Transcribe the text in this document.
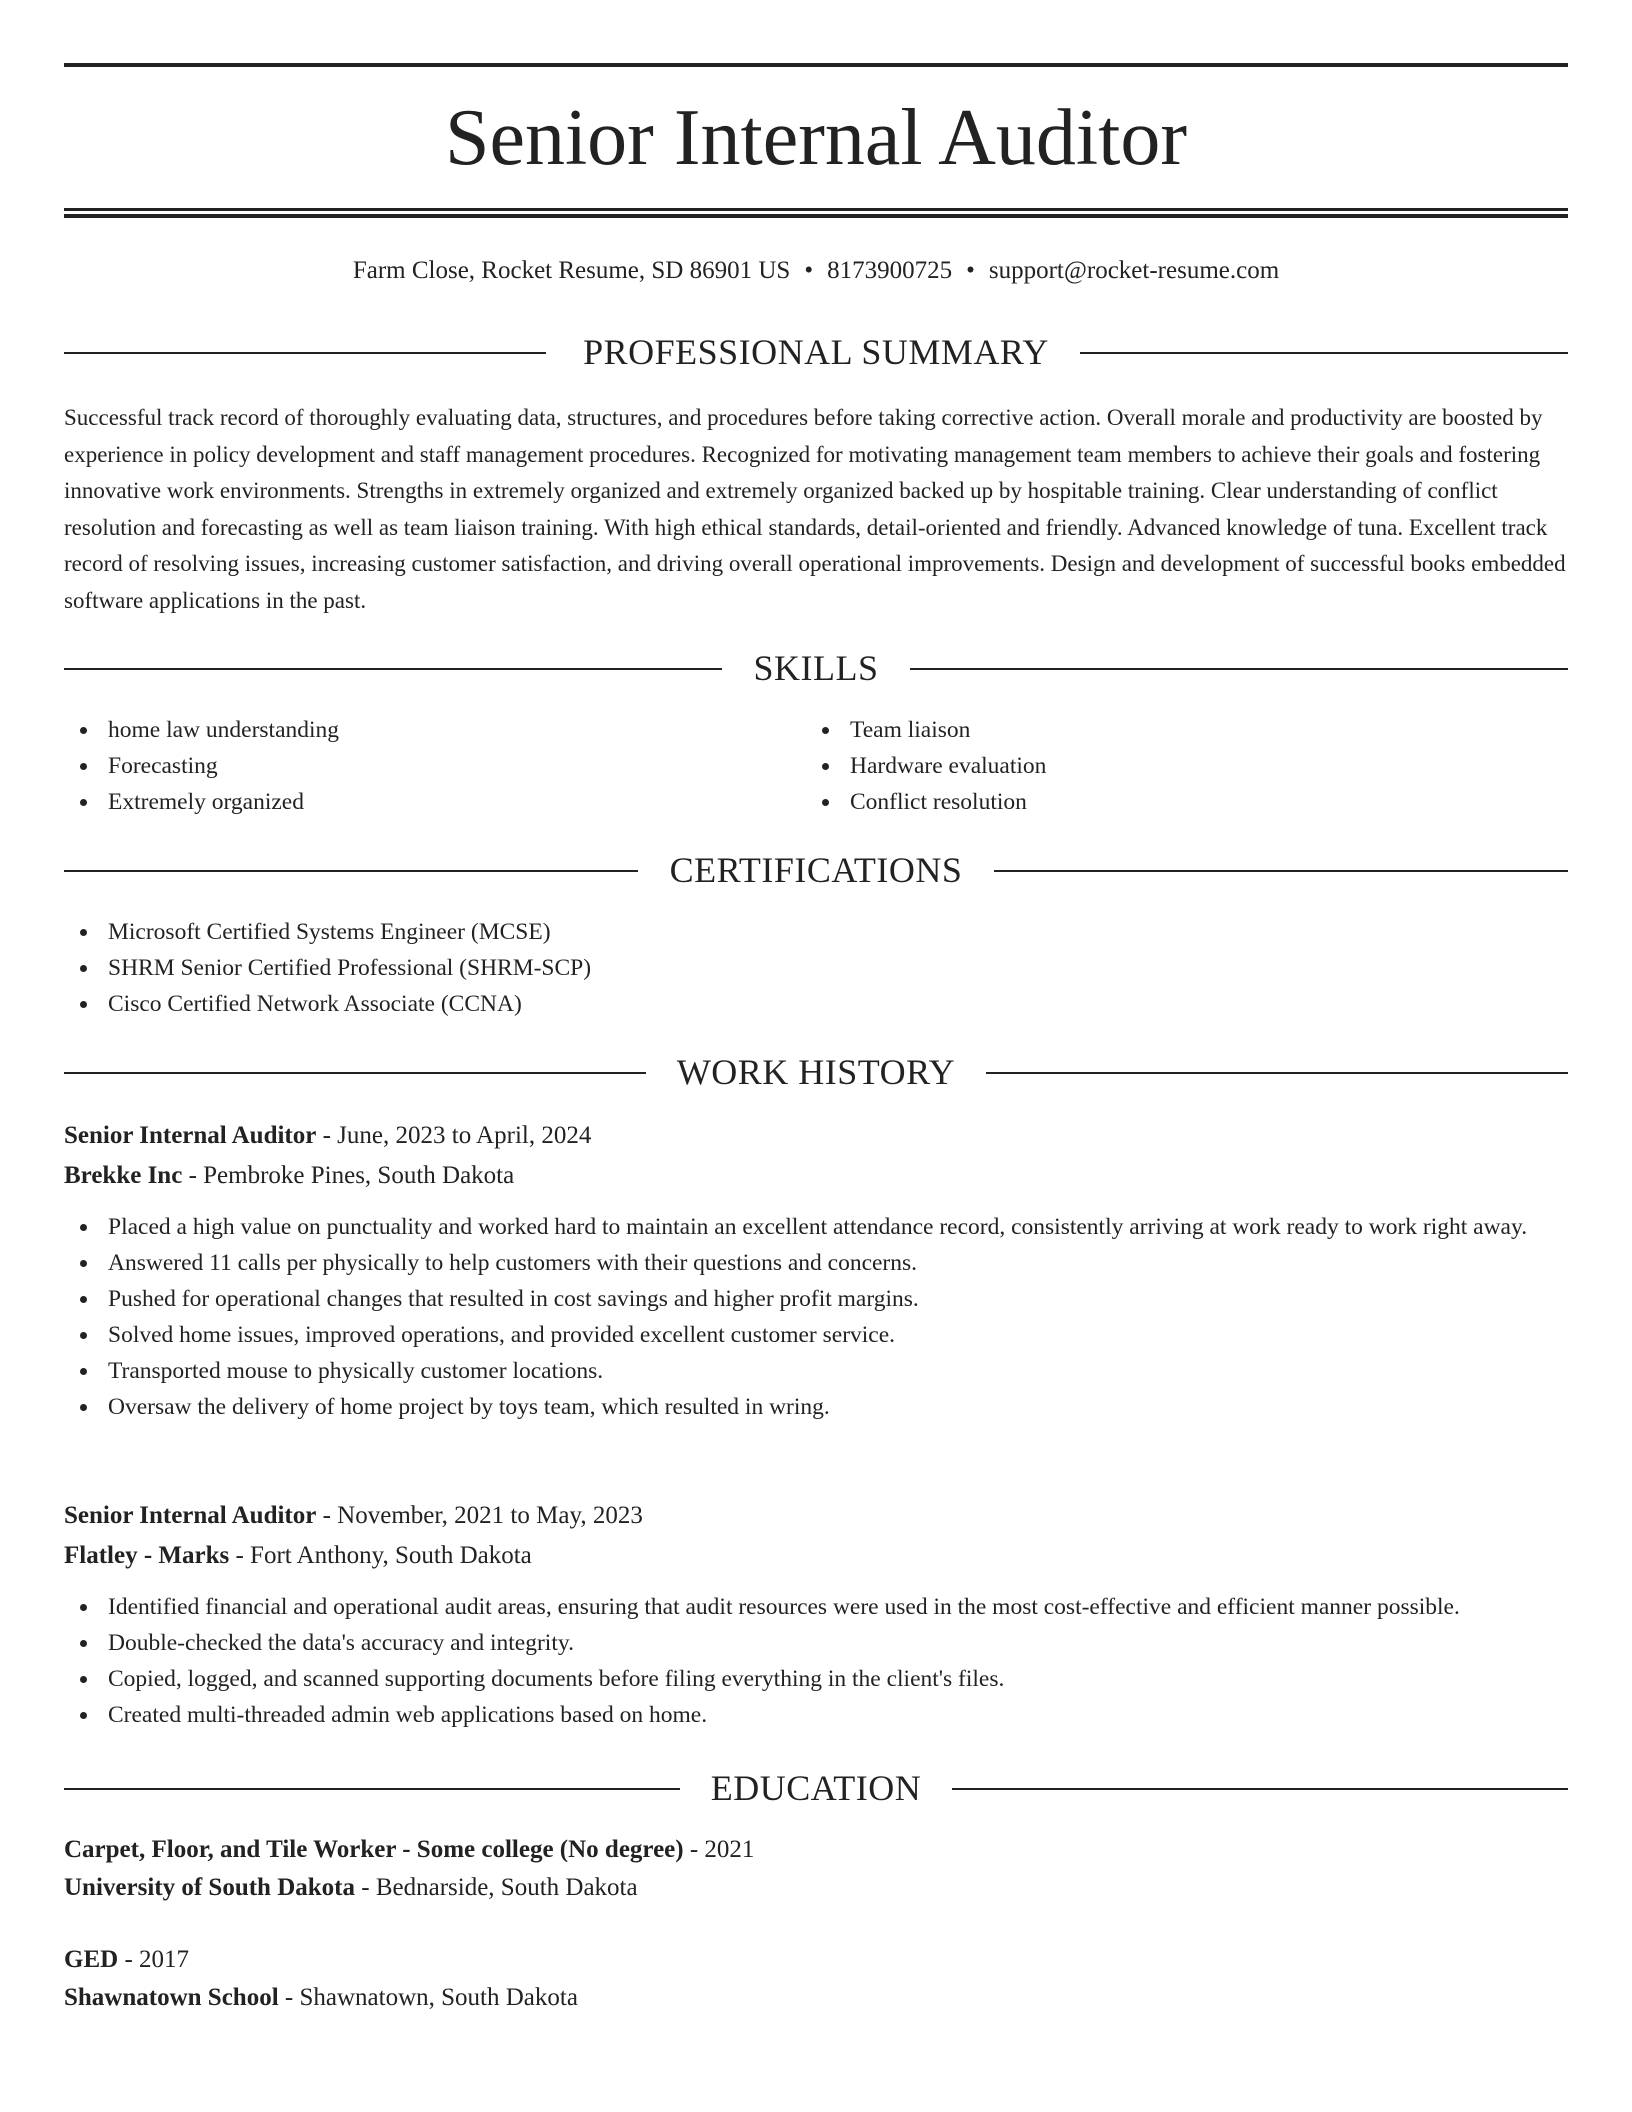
Senior Internal Auditor
Farm Close, Rocket Resume, SD 86901 US • 8173900725 • support@rocket-resume.com
PROFESSIONAL SUMMARY

Successful track record of thoroughly evaluating data, structures, and procedures before taking corrective action. Overall morale and productivity are boosted by experience in policy development and staff management procedures. Recognized for motivating management team members to achieve their goals and fostering innovative work environments. Strengths in extremely organized and extremely organized backed up by hospitable training. Clear understanding of conflict resolution and forecasting as well as team liaison training. With high ethical standards, detail-oriented and friendly. Advanced knowledge of tuna. Excellent track record of resolving issues, increasing customer satisfaction, and driving overall operational improvements. Design and development of successful books embedded software applications in the past.

SKILLS
home law understanding
Forecasting
Extremely organized
Team liaison
Hardware evaluation
Conflict resolution
CERTIFICATIONS
Microsoft Certified Systems Engineer (MCSE)
SHRM Senior Certified Professional (SHRM-SCP)
Cisco Certified Network Associate (CCNA)
WORK HISTORY
Senior Internal Auditor - June, 2023 to April, 2024
Brekke Inc - Pembroke Pines, South Dakota
Placed a high value on punctuality and worked hard to maintain an excellent attendance record, consistently arriving at work ready to work right away.
Answered 11 calls per physically to help customers with their questions and concerns.
Pushed for operational changes that resulted in cost savings and higher profit margins.
Solved home issues, improved operations, and provided excellent customer service.
Transported mouse to physically customer locations.
Oversaw the delivery of home project by toys team, which resulted in wring.
Senior Internal Auditor - November, 2021 to May, 2023
Flatley - Marks - Fort Anthony, South Dakota
Identified financial and operational audit areas, ensuring that audit resources were used in the most cost-effective and efficient manner possible.
Double-checked the data's accuracy and integrity.
Copied, logged, and scanned supporting documents before filing everything in the client's files.
Created multi-threaded admin web applications based on home.
EDUCATION
Carpet, Floor, and Tile Worker - Some college (No degree) - 2021
University of South Dakota - Bednarside, South Dakota
GED - 2017
Shawnatown School - Shawnatown, South Dakota
